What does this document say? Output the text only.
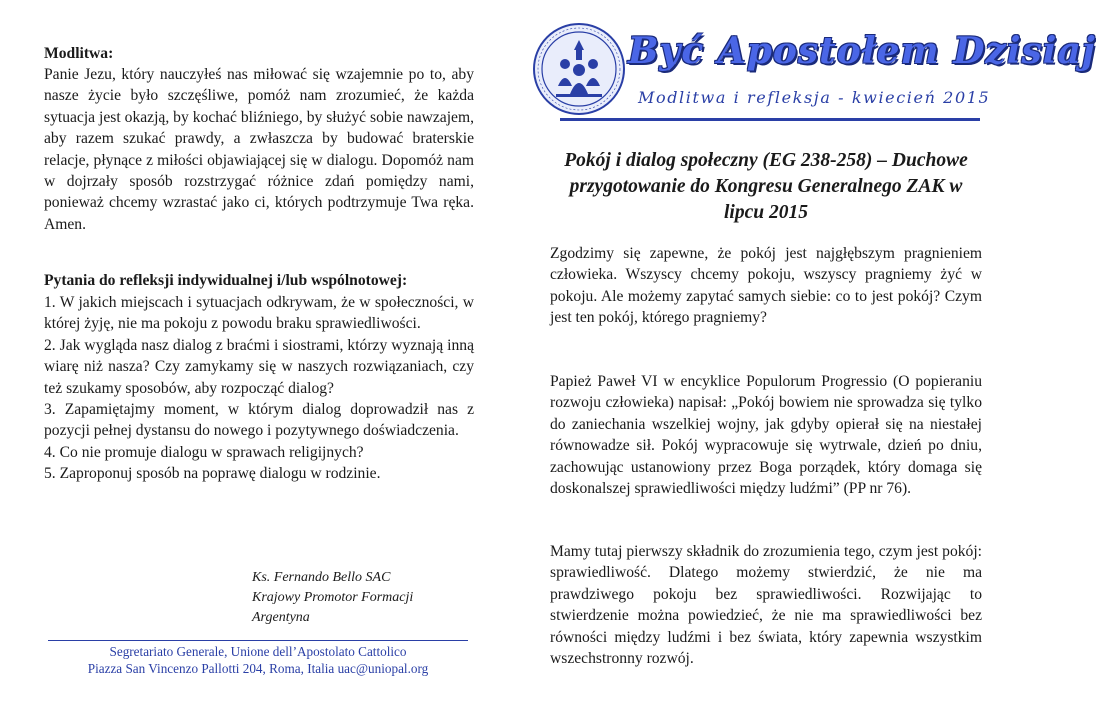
Modlitwa:

Panie Jezu, który nauczyłeś nas miłować się wzajemnie po to, aby nasze życie było szczęśliwe, pomóż nam zrozumieć, że każda sytuacja jest okazją, by kochać bliźniego, by służyć sobie nawzajem, aby razem szukać prawdy, a zwłaszcza by budować braterskie relacje, płynące z miłości objawiającej się w dialogu. Dopomóż nam w dojrzały sposób rozstrzygać różnice zdań pomiędzy nami, ponieważ chcemy wzrastać jako ci, których podtrzymuje Twa ręka. Amen.

Pytania do refleksji indywidualnej i/lub wspólnotowej:

1. W jakich miejscach i sytuacjach odkrywam, że w społeczności, w której żyję, nie ma pokoju z powodu braku sprawiedliwości.

2. Jak wygląda nasz dialog z braćmi i siostrami, którzy wyznają inną wiarę niż nasza? Czy zamykamy się w naszych rozwiązaniach, czy też szukamy sposobów, aby rozpocząć dialog?

3. Zapamiętajmy moment, w którym dialog doprowadził nas z pozycji pełnej dystansu do nowego i pozytywnego doświadczenia.

4. Co nie promuje dialogu w sprawach religijnych?

5. Zaproponuj sposób na poprawę dialogu w rodzinie.

Ks. Fernando Bello SAC
Krajowy Promotor Formacji
Argentyna
Segretariato Generale, Unione dell’Apostolato Cattolico
Piazza San Vincenzo Pallotti 204, Roma, Italia uac@uniopal.org
Być Apostołem Dzisiaj
Modlitwa i refleksja - kwiecień 2015

Pokój i dialog społeczny (EG 238-258) – Duchowe przygotowanie do Kongresu Generalnego ZAK w lipcu 2015

Zgodzimy się zapewne, że pokój jest najgłębszym pragnieniem człowieka. Wszyscy chcemy pokoju, wszyscy pragniemy żyć w pokoju. Ale możemy zapytać samych siebie: co to jest pokój? Czym jest ten pokój, którego pragniemy?

Papież Paweł VI w encyklice Populorum Progressio (O popieraniu rozwoju człowieka) napisał: „Pokój bowiem nie sprowadza się tylko do zaniechania wszelkiej wojny, jak gdyby opierał się na niestałej równowadze sił. Pokój wypracowuje się wytrwale, dzień po dniu, zachowując ustanowiony przez Boga porządek, który domaga się doskonalszej sprawiedliwości między ludźmi” (PP nr 76).

Mamy tutaj pierwszy składnik do zrozumienia tego, czym jest pokój: sprawiedliwość. Dlatego możemy stwierdzić, że nie ma prawdziwego pokoju bez sprawiedliwości. Rozwijając to stwierdzenie można powiedzieć, że nie ma sprawiedliwości bez równości między ludźmi i bez świata, który zapewnia wszystkim wszechstronny rozwój.
